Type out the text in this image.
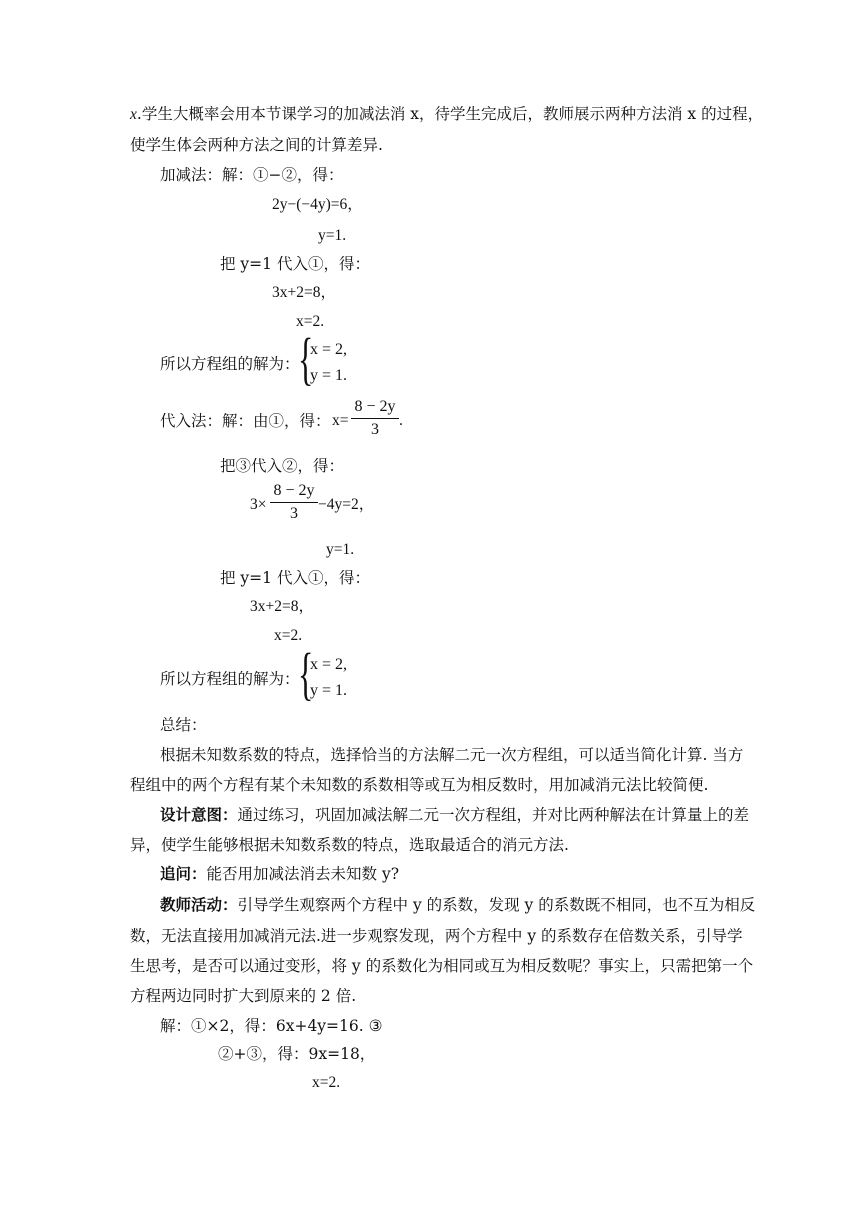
x.学生大概率会用本节课学习的加减法消 x，待学生完成后，教师展示两种方法消 x 的过程，
使学生体会两种方法之间的计算差异.
加减法：解：①−②，得：
2y−(−4y)=6，
y=1.
把 y=1 代入①，得：
3x+2=8，
x=2.
所以方程组的解为：
{
x = 2,
y = 1.
代入法：解：由①，得： x=
8 − 2y
3
.
把③代入②，得：
3×
8 − 2y
3
−4y=2，
y=1.
把 y=1 代入①，得：
3x+2=8，
x=2.
所以方程组的解为：
{
x = 2,
y = 1.
总结：
根据未知数系数的特点，选择恰当的方法解二元一次方程组，可以适当简化计算. 当方
程组中的两个方程有某个未知数的系数相等或互为相反数时，用加减消元法比较简便.
设计意图：通过练习，巩固加减法解二元一次方程组，并对比两种解法在计算量上的差
异，使学生能够根据未知数系数的特点，选取最适合的消元方法.
追问：能否用加减法消去未知数 y?
教师活动：引导学生观察两个方程中 y 的系数，发现 y 的系数既不相同，也不互为相反
数，无法直接用加减消元法.进一步观察发现，两个方程中 y 的系数存在倍数关系，引导学
生思考，是否可以通过变形，将 y 的系数化为相同或互为相反数呢？事实上，只需把第一个
方程两边同时扩大到原来的 2 倍.
解：①×2，得：6x+4y=16. ③
②+③，得：9x=18，
x=2.
